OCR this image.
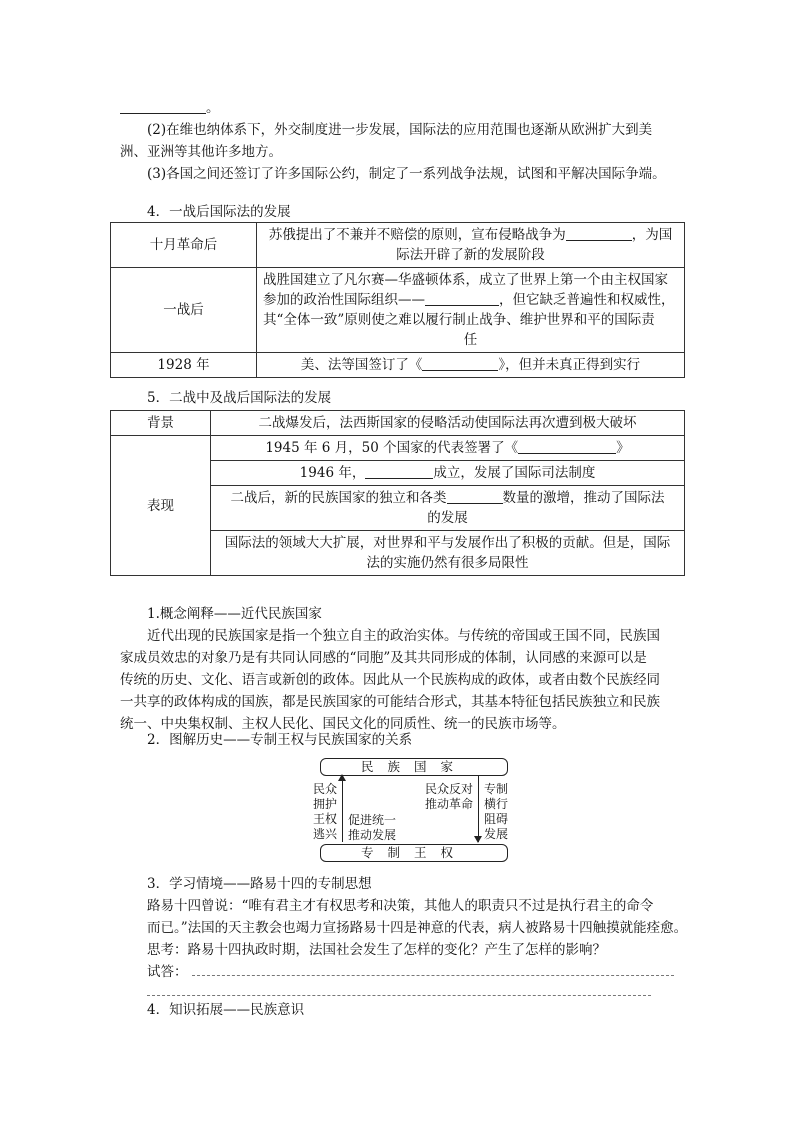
。
(2)在维也纳体系下，外交制度进一步发展，国际法的应用范围也逐渐从欧洲扩大到美
洲、亚洲等其他许多地方。
(3)各国之间还签订了许多国际公约，制定了一系列战争法规，试图和平解决国际争端。
4．一战后国际法的发展
十月革命后	苏俄提出了不兼并不赔偿的原则，宣布侵略战争为 ，为国
际法开辟了新的发展阶段
一战后	战胜国建立了凡尔赛—华盛顿体系，成立了世界上第一个由主权国家
参加的政治性国际组织—— ，但它缺乏普遍性和权威性，
其“全体一致”原则使之难以履行制止战争、维护世界和平的国际责

任

1928 年	美、法等国签订了《 》，但并未真正得到实行
5．二战中及战后国际法的发展
背景	二战爆发后，法西斯国家的侵略活动使国际法再次遭到极大破坏
表现	1945 年 6 月，50 个国家的代表签署了《 》
	1946 年， 成立，发展了国际司法制度
	二战后，新的民族国家的独立和各类 数量的激增，推动了国际法
的发展
	国际法的领域大大扩展，对世界和平与发展作出了积极的贡献。但是，国际
法的实施仍然有很多局限性
1.概念阐释——近代民族国家
近代出现的民族国家是指一个独立自主的政治实体。与传统的帝国或王国不同，民族国
家成员效忠的对象乃是有共同认同感的“同胞”及其共同形成的体制，认同感的来源可以是
传统的历史、文化、语言或新创的政体。因此从一个民族构成的政体，或者由数个民族经同
一共享的政体构成的国族，都是民族国家的可能结合形式，其基本特征包括民族独立和民族
统一、中央集权制、主权人民化、国民文化的同质性、统一的民族市场等。
2．图解历史——专制王权与民族国家的关系
民族国家
专制王权
民众
拥护
王权
逃兴
促进统一
推动发展
民众反对
推动革命
专制
横行
阻碍
发展
3．学习情境——路易十四的专制思想
路易十四曾说：“唯有君主才有权思考和决策，其他人的职责只不过是执行君主的命令
而已。”法国的天主教会也竭力宣扬路易十四是神意的代表，病人被路易十四触摸就能痊愈。
思考：路易十四执政时期，法国社会发生了怎样的变化？产生了怎样的影响？
试答：
4．知识拓展——民族意识
